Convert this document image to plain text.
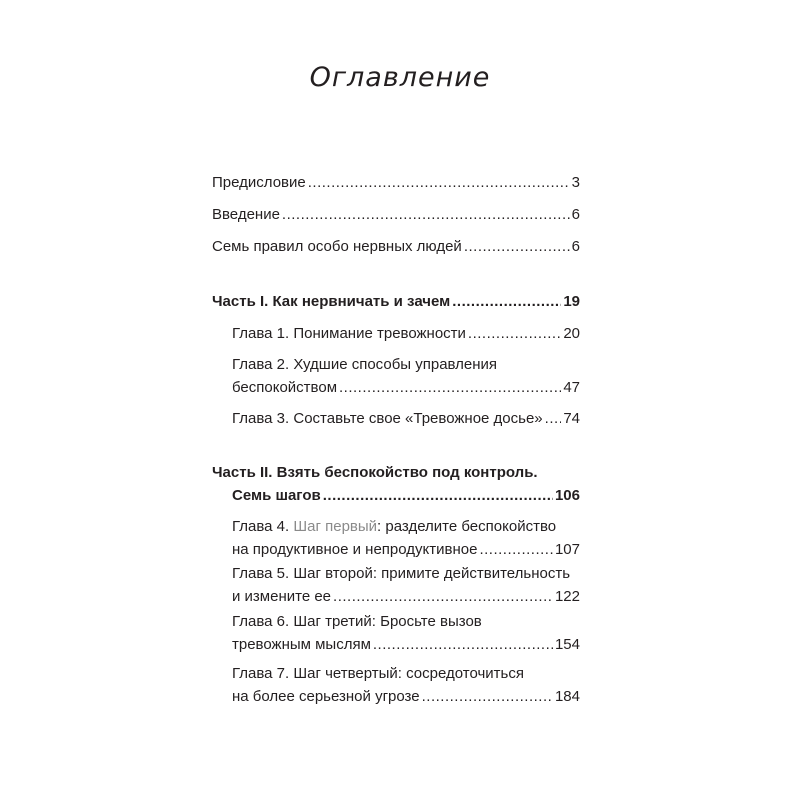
Оглавление
Предисловие .....	3
Введение .....	6
Семь правил особо нервных людей .....	6
Часть I. Как нервничать и зачем .....	19
Глава 1. Понимание тревожности .....	20
Глава 2. Худшие способы управления
беспокойством .....	47
Глава 3. Составьте свое «Тревожное досье» ..... 74
Часть II. Взять беспокойство под контроль.
Семь шагов .....	106
Глава 4. Шаг первый: разделите беспокойство
на продуктивное и непродуктивное .....	107
Глава 5. Шаг второй: примите действительность
и измените ее .....	122
Глава 6. Шаг третий: Бросьте вызов
тревожным мыслям .....	154
Глава 7. Шаг четвертый: сосредоточиться
на более серьезной угрозе .....	184
